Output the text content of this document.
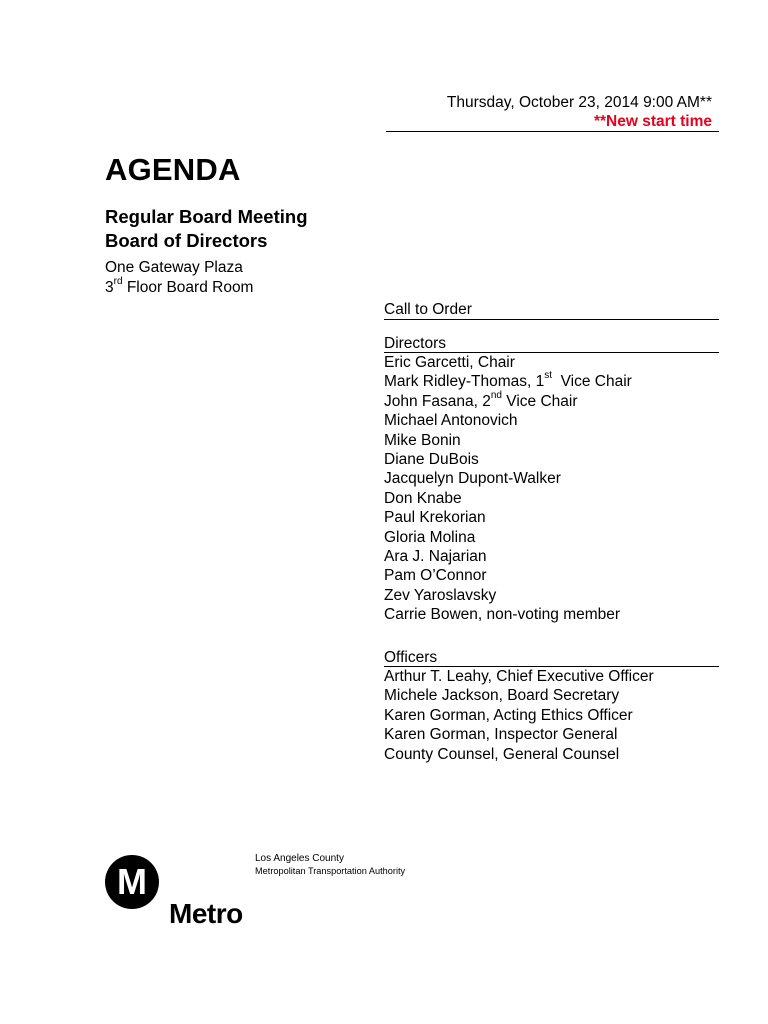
Thursday, October 23, 2014 9:00 AM**
**New start time
AGENDA
Regular Board Meeting
Board of Directors
One Gateway Plaza
3rd Floor Board Room
Call to Order
Directors
Eric Garcetti, Chair
Mark Ridley-Thomas, 1st  Vice Chair
John Fasana, 2nd Vice Chair
Michael Antonovich
Mike Bonin
Diane DuBois
Jacquelyn Dupont-Walker
Don Knabe
Paul Krekorian
Gloria Molina
Ara J. Najarian
Pam O’Connor
Zev Yaroslavsky
Carrie Bowen, non-voting member
Officers
Arthur T. Leahy, Chief Executive Officer
Michele Jackson, Board Secretary
Karen Gorman, Acting Ethics Officer
Karen Gorman, Inspector General
County Counsel, General Counsel
M
Metro
Los Angeles County
Metropolitan Transportation Authority
